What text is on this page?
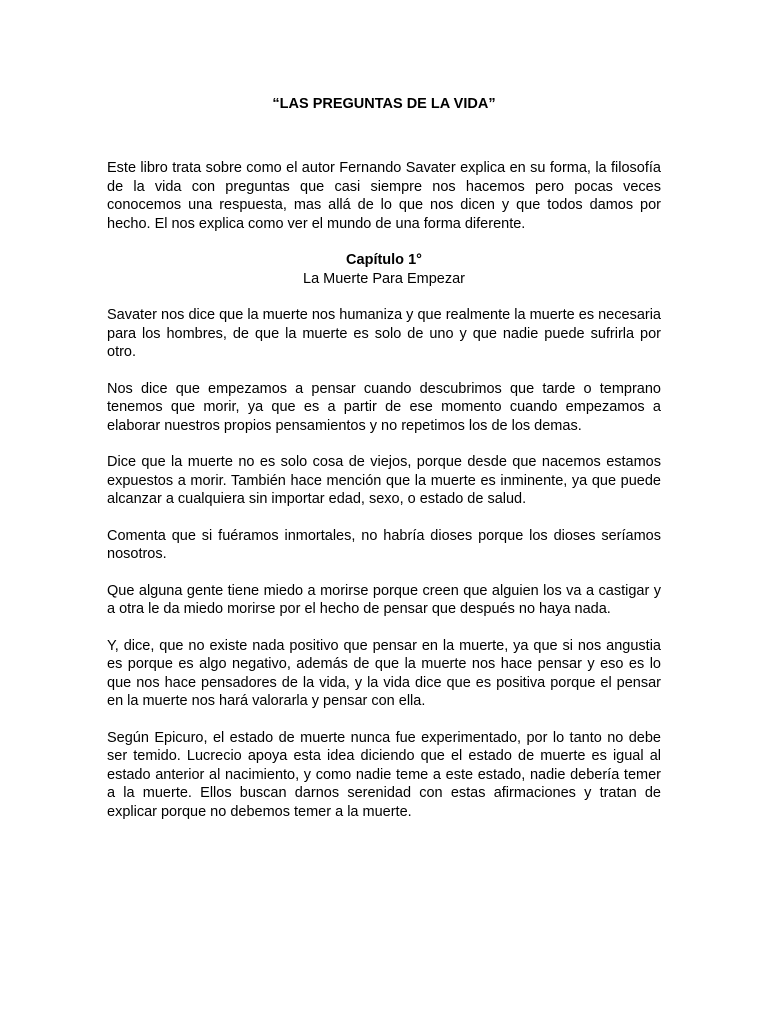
“LAS PREGUNTAS DE LA VIDA”

Este libro trata sobre como el autor Fernando Savater explica en su forma, la filosofía de la vida con preguntas que casi siempre nos hacemos pero pocas veces conocemos una respuesta, mas allá de lo que nos dicen y que todos damos por hecho. El nos explica como ver el mundo de una forma diferente.

Capítulo 1°

La Muerte Para Empezar

Savater nos dice que la muerte nos humaniza y que realmente la muerte es necesaria para los hombres, de que la muerte es solo de uno y que nadie puede sufrirla por otro.

Nos dice que empezamos a pensar cuando descubrimos que tarde o temprano tenemos que morir, ya que es a partir de ese momento cuando empezamos a elaborar nuestros propios pensamientos y no repetimos los de los demas.

Dice que la muerte no es solo cosa de viejos, porque desde que nacemos estamos expuestos a morir. También hace mención que la muerte es inminente, ya que puede alcanzar a cualquiera sin importar edad, sexo, o estado de salud.

Comenta que si fuéramos inmortales, no habría dioses porque los dioses seríamos nosotros.

Que alguna gente tiene miedo a morirse porque creen que alguien los va a castigar y a otra le da miedo morirse por el hecho de pensar que después no haya nada.

Y, dice, que no existe nada positivo que pensar en la muerte, ya que si nos angustia es porque es algo negativo, además de que la muerte nos hace pensar y eso es lo que nos hace pensadores de la vida, y la vida dice que es positiva porque el pensar en la muerte nos hará valorarla y pensar con ella.

Según Epicuro, el estado de muerte nunca fue experimentado, por lo tanto no debe ser temido. Lucrecio apoya esta idea diciendo que el estado de muerte es igual al estado anterior al nacimiento, y como nadie teme a este estado, nadie debería temer a la muerte. Ellos buscan darnos serenidad con estas afirmaciones y tratan de explicar porque no debemos temer a la muerte.
